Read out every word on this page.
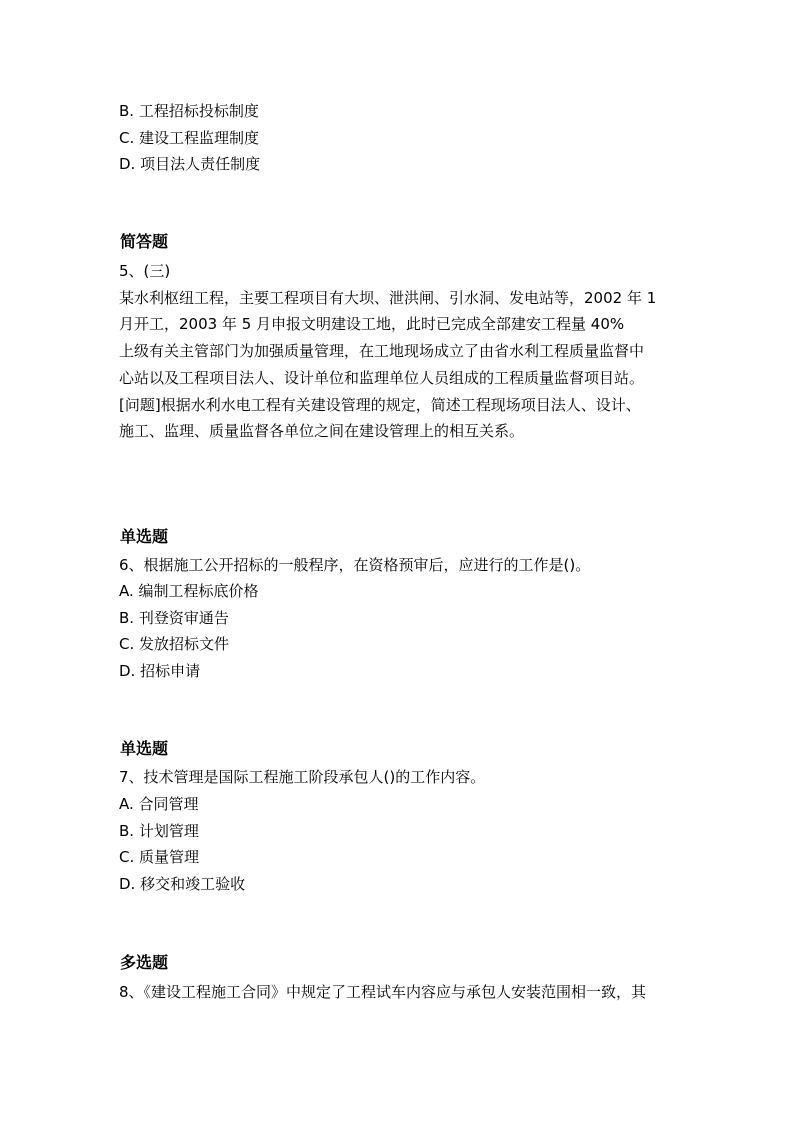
B. 工程招标投标制度
C. 建设工程监理制度
D. 项目法人责任制度
简答题
5、(三)
某水利枢纽工程，主要工程项目有大坝、泄洪闸、引水洞、发电站等，2002 年 1
月开工，2003 年 5 月申报文明建设工地，此时已完成全部建安工程量 40%
上级有关主管部门为加强质量管理，在工地现场成立了由省水利工程质量监督中
心站以及工程项目法人、设计单位和监理单位人员组成的工程质量监督项目站。
[问题]根据水利水电工程有关建设管理的规定，简述工程现场项目法人、设计、
施工、监理、质量监督各单位之间在建设管理上的相互关系。
单选题
6、根据施工公开招标的一般程序，在资格预审后，应进行的工作是()。
A. 编制工程标底价格
B. 刊登资审通告
C. 发放招标文件
D. 招标申请
单选题
7、技术管理是国际工程施工阶段承包人()的工作内容。
A. 合同管理
B. 计划管理
C. 质量管理
D. 移交和竣工验收
多选题
8、《建设工程施工合同》中规定了工程试车内容应与承包人安装范围相一致，其
